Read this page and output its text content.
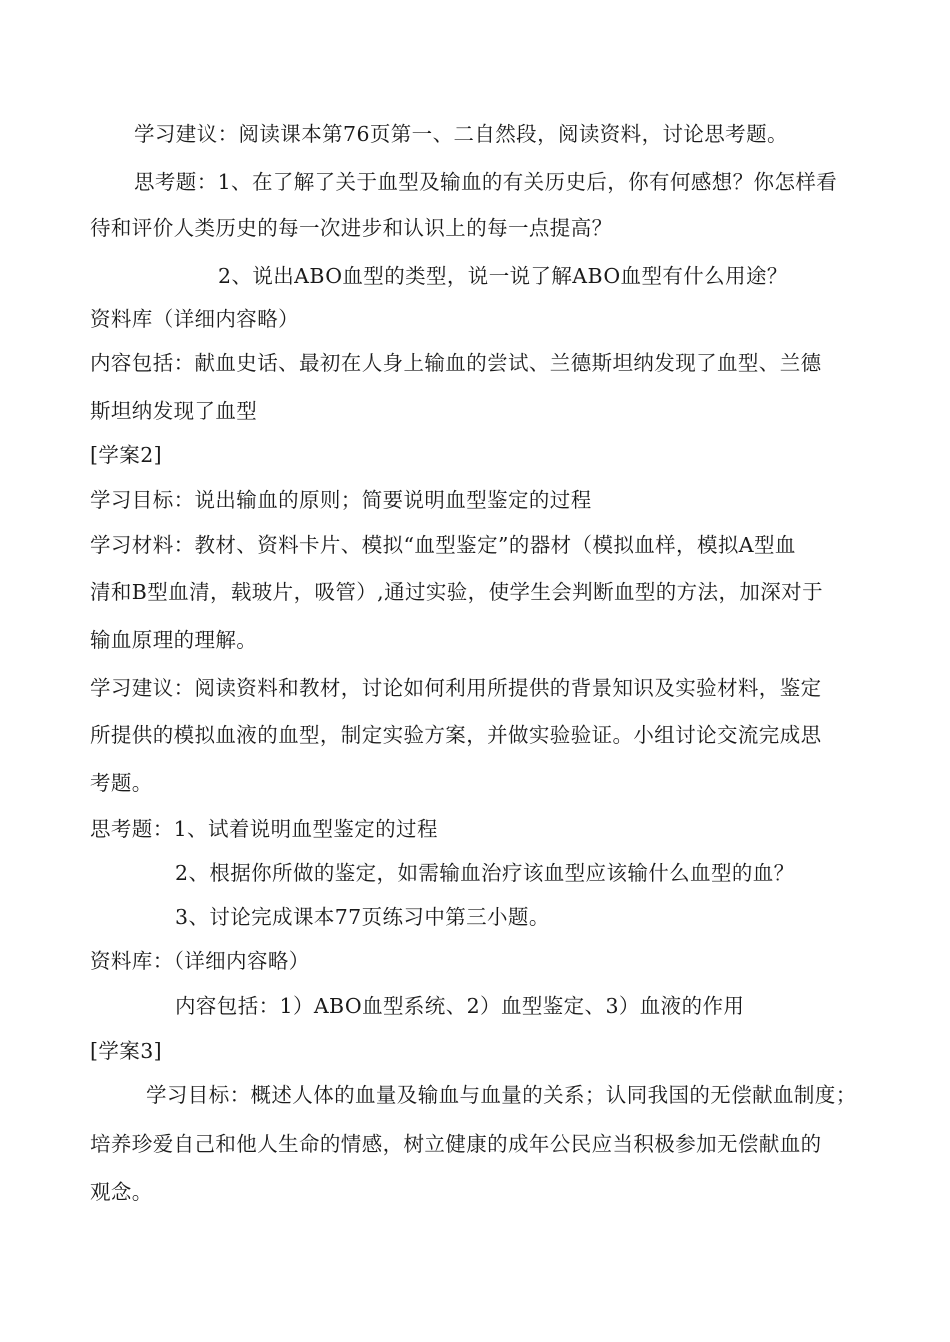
学习建议：阅读课本第76页第一、二自然段，阅读资料，讨论思考题。

思考题：1、在了解了关于血型及输血的有关历史后，你有何感想？你怎样看

待和评价人类历史的每一次进步和认识上的每一点提高？

2、说出ABO血型的类型，说一说了解ABO血型有什么用途？

资料库（详细内容略）

内容包括：献血史话、最初在人身上输血的尝试、兰德斯坦纳发现了血型、兰德

斯坦纳发现了血型

[学案2]

学习目标：说出输血的原则；简要说明血型鉴定的过程

学习材料：教材、资料卡片、模拟“血型鉴定”的器材（模拟血样，模拟A型血

清和B型血清，载玻片，吸管）,通过实验，使学生会判断血型的方法，加深对于

输血原理的理解。

学习建议：阅读资料和教材，讨论如何利用所提供的背景知识及实验材料，鉴定

所提供的模拟血液的血型，制定实验方案，并做实验验证。小组讨论交流完成思

考题。

思考题：1、试着说明血型鉴定的过程

2、根据你所做的鉴定，如需输血治疗该血型应该输什么血型的血？

3、讨论完成课本77页练习中第三小题。

资料库：（详细内容略）

内容包括：1）ABO血型系统、2）血型鉴定、3）血液的作用

[学案3]

学习目标：概述人体的血量及输血与血量的关系；认同我国的无偿献血制度；

培养珍爱自己和他人生命的情感，树立健康的成年公民应当积极参加无偿献血的

观念。
